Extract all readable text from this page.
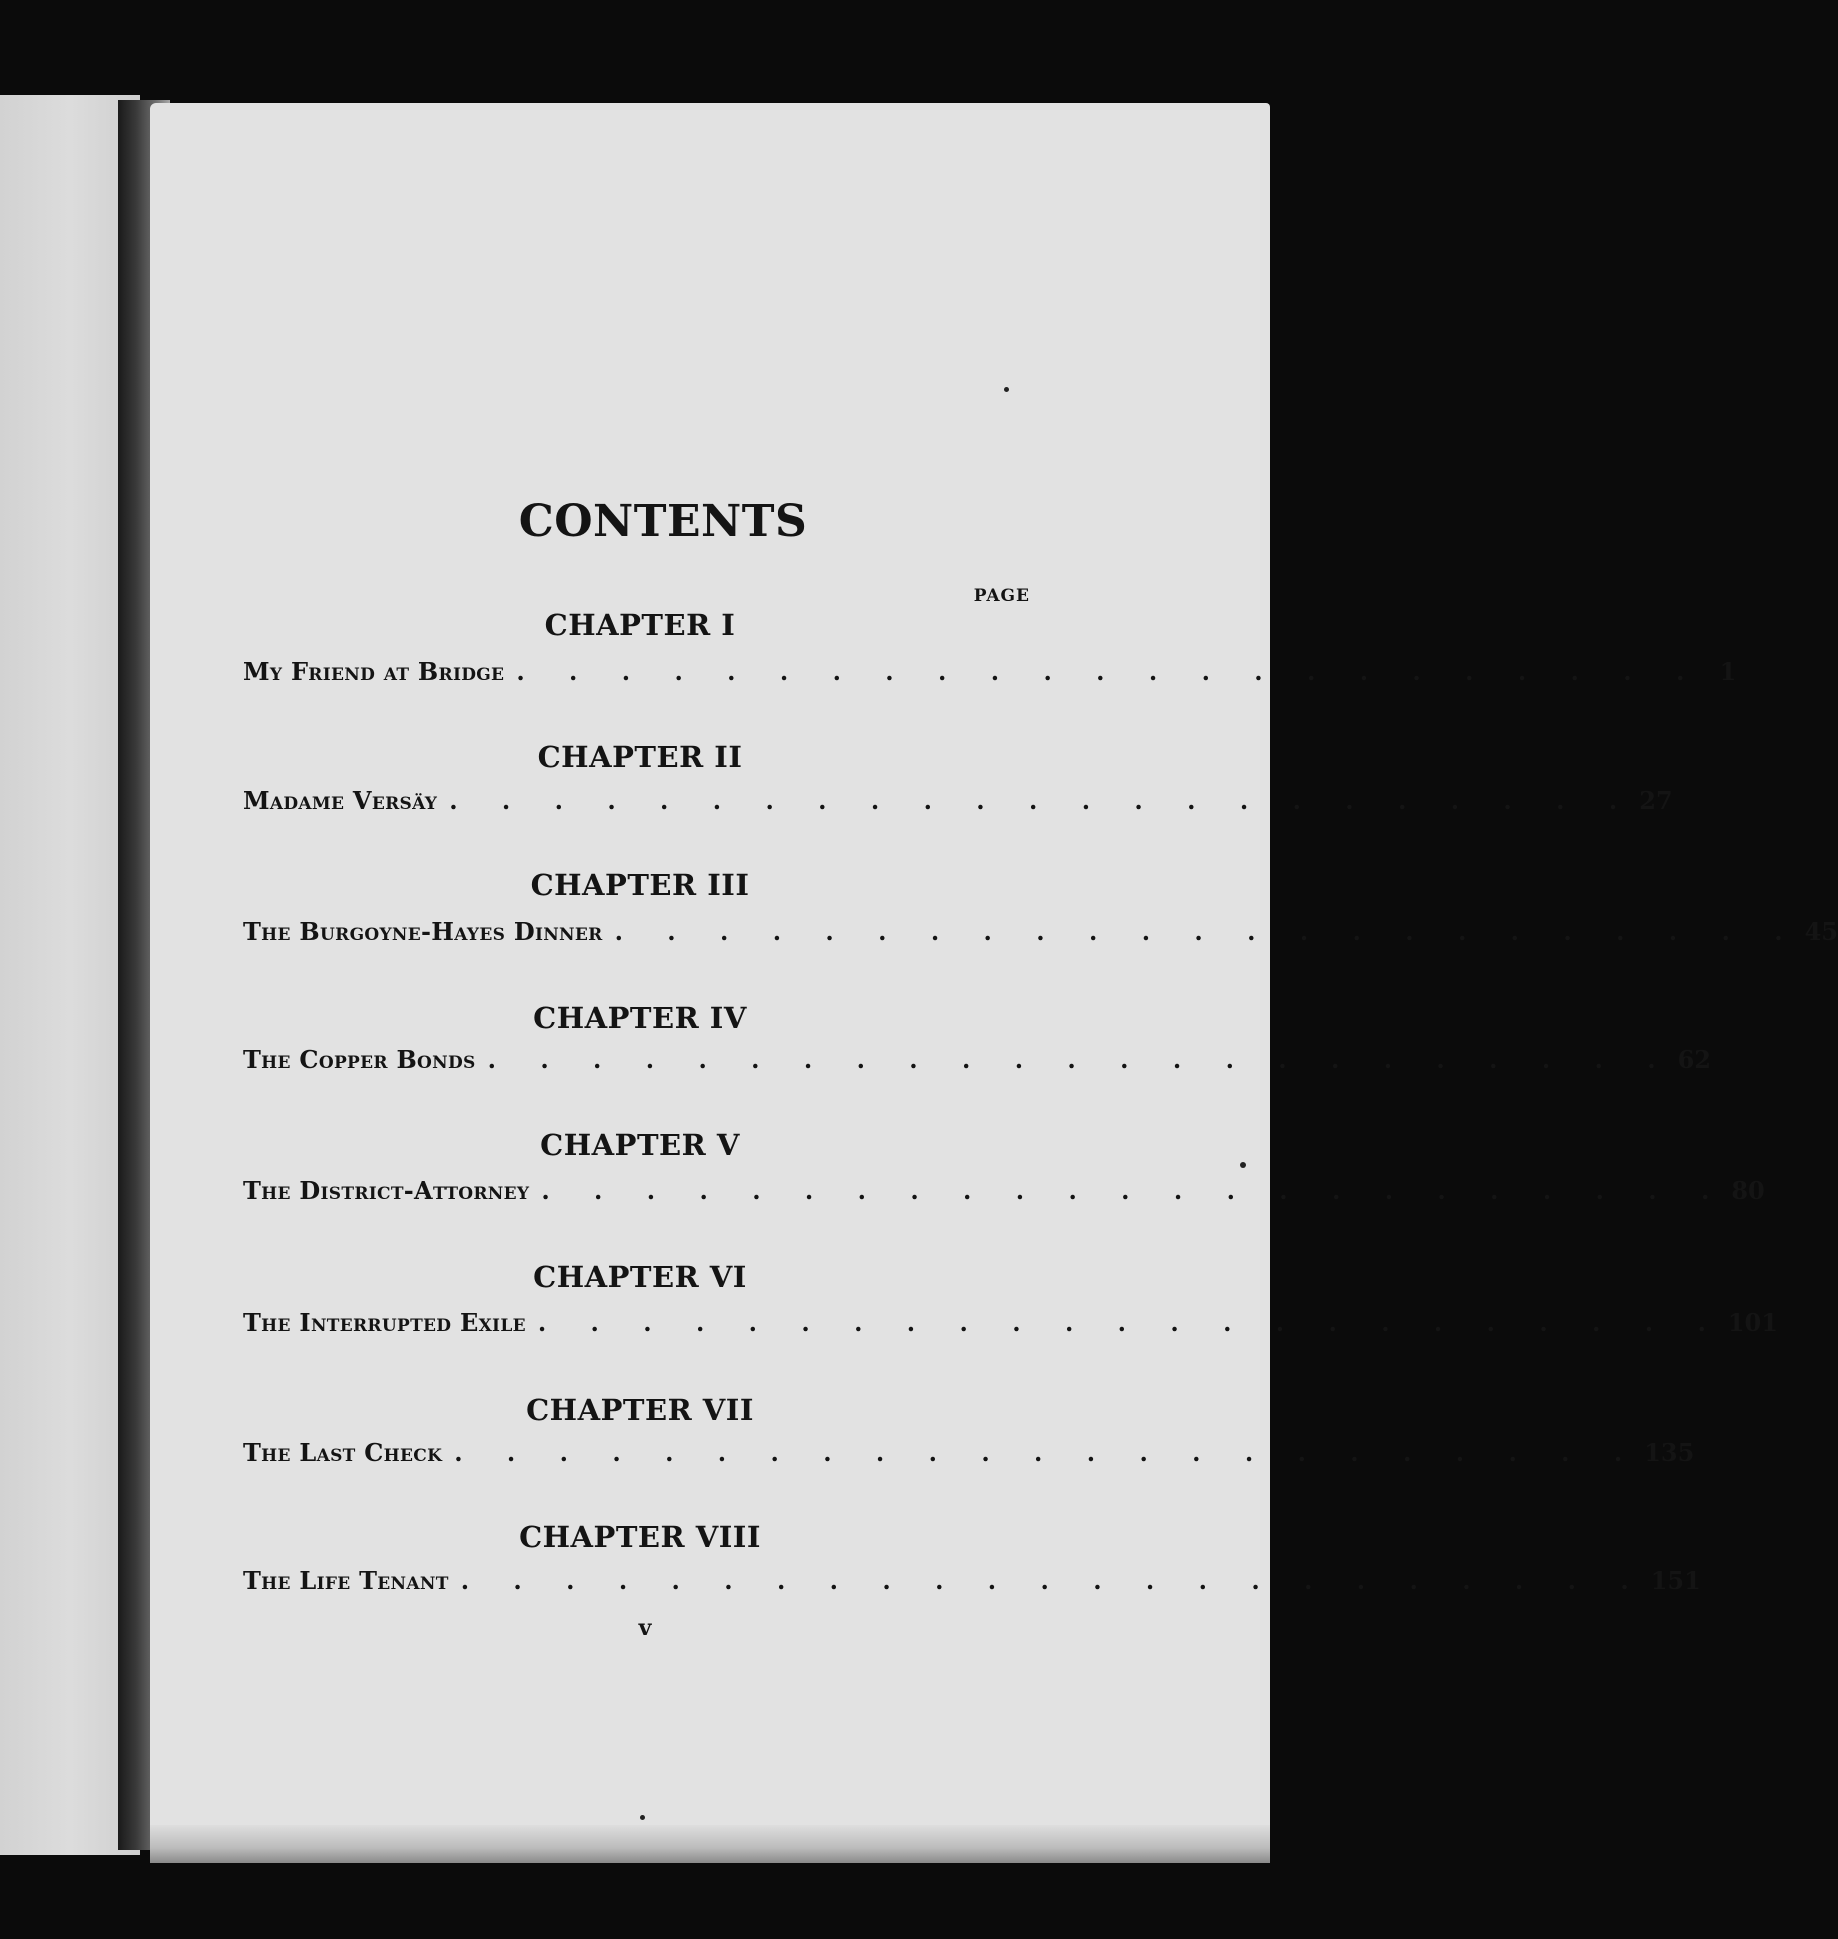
CONTENTS
PAGE
CHAPTER I
My Friend at Bridge . . . . . . . . . . . . . . . . . . . . . . . 1
CHAPTER II
Madame Versäy . . . . . . . . . . . . . . . . . . . . . . . 27
CHAPTER III
The Burgoyne-Hayes Dinner . . . . . . . . . . . . . . . . . . . . . . . 45
CHAPTER IV
The Copper Bonds . . . . . . . . . . . . . . . . . . . . . . . 62
CHAPTER V
The District-Attorney . . . . . . . . . . . . . . . . . . . . . . . 80
CHAPTER VI
The Interrupted Exile . . . . . . . . . . . . . . . . . . . . . . . 101
CHAPTER VII
The Last Check . . . . . . . . . . . . . . . . . . . . . . . 135
CHAPTER VIII
The Life Tenant . . . . . . . . . . . . . . . . . . . . . . . 151
v
